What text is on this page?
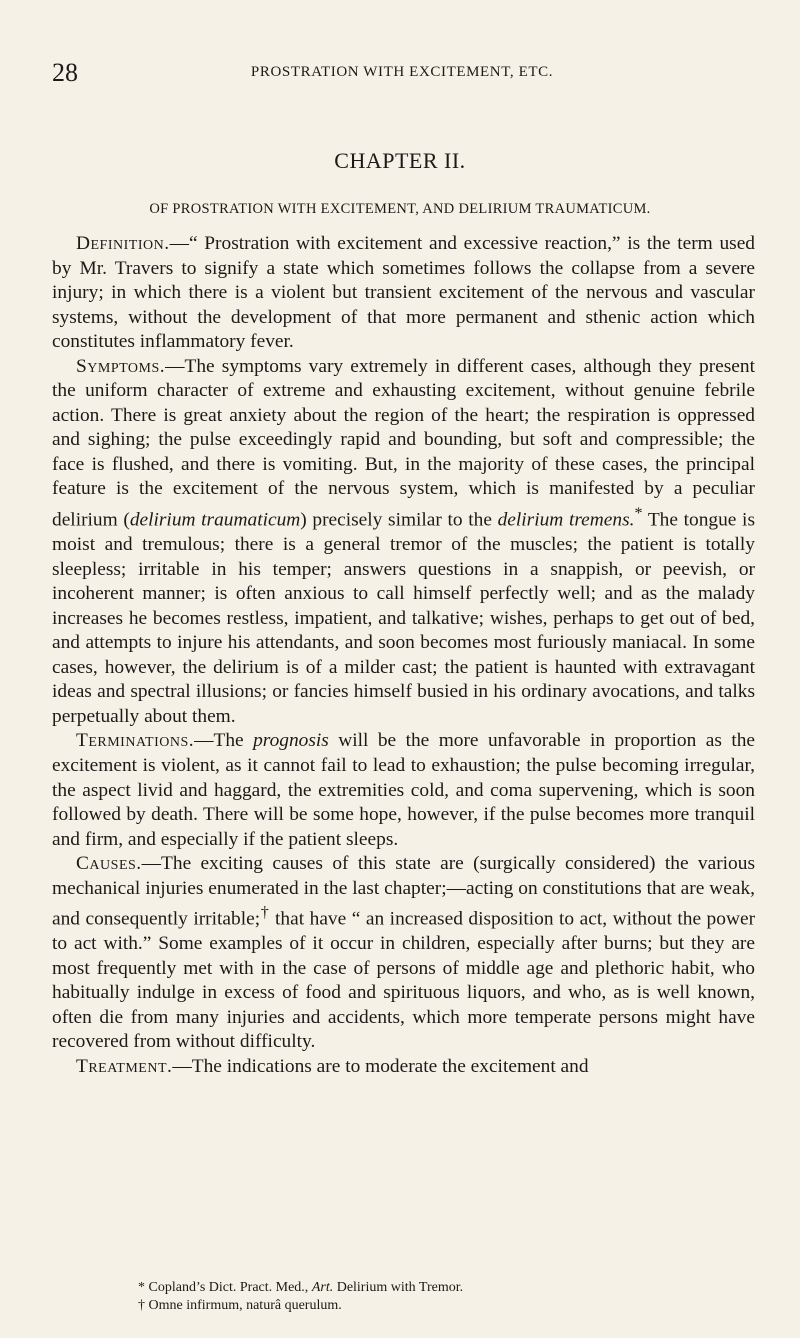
28	PROSTRATION WITH EXCITEMENT, ETC.
CHAPTER II.
OF PROSTRATION WITH EXCITEMENT, AND DELIRIUM TRAUMATICUM.

Definition.—“ Prostration with excitement and excessive reaction,” is the term used by Mr. Travers to signify a state which sometimes follows the collapse from a severe injury; in which there is a violent but transient excitement of the nervous and vascular systems, without the development of that more permanent and sthenic action which constitutes inflammatory fever.

Symptoms.—The symptoms vary extremely in different cases, although they present the uniform character of extreme and exhausting excitement, without genuine febrile action. There is great anxiety about the region of the heart; the respiration is oppressed and sighing; the pulse exceedingly rapid and bounding, but soft and compressible; the face is flushed, and there is vomiting. But, in the majority of these cases, the principal feature is the excitement of the nervous system, which is manifested by a peculiar delirium (delirium traumaticum) precisely similar to the delirium tremens.* The tongue is moist and tremulous; there is a general tremor of the muscles; the patient is totally sleepless; irritable in his temper; answers questions in a snappish, or peevish, or incoherent manner; is often anxious to call himself perfectly well; and as the malady increases he becomes restless, impatient, and talkative; wishes, perhaps to get out of bed, and attempts to injure his attendants, and soon becomes most furiously maniacal. In some cases, however, the delirium is of a milder cast; the patient is haunted with extravagant ideas and spectral illusions; or fancies himself busied in his ordinary avocations, and talks perpetually about them.

Terminations.—The prognosis will be the more unfavorable in proportion as the excitement is violent, as it cannot fail to lead to exhaustion; the pulse becoming irregular, the aspect livid and haggard, the extremities cold, and coma supervening, which is soon followed by death. There will be some hope, however, if the pulse becomes more tranquil and firm, and especially if the patient sleeps.

Causes.—The exciting causes of this state are (surgically considered) the various mechanical injuries enumerated in the last chapter;—acting on constitutions that are weak, and consequently irritable;† that have “ an increased disposition to act, without the power to act with.” Some examples of it occur in children, especially after burns; but they are most frequently met with in the case of persons of middle age and plethoric habit, who habitually indulge in excess of food and spirituous liquors, and who, as is well known, often die from many injuries and accidents, which more temperate persons might have recovered from without difficulty.

Treatment.—The indications are to moderate the excitement and

* Copland’s Dict. Pract. Med., Art. Delirium with Tremor.

† Omne infirmum, naturâ querulum.
